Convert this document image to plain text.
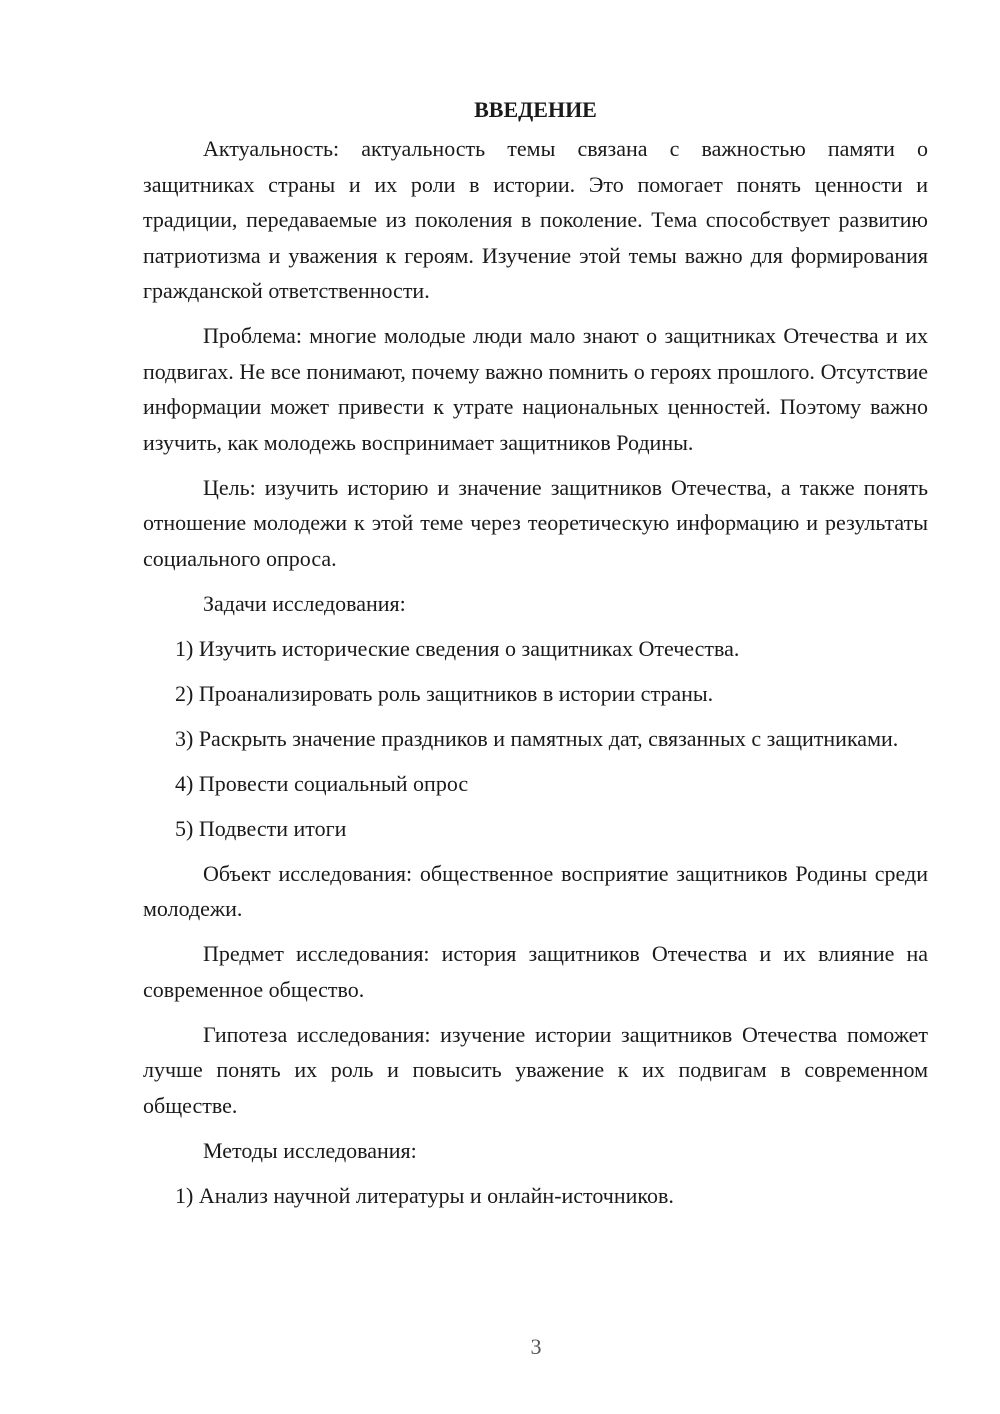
ВВЕДЕНИЕ

Актуальность: актуальность темы связана с важностью памяти о защитниках страны и их роли в истории. Это помогает понять ценности и традиции, передаваемые из поколения в поколение. Тема способствует развитию патриотизма и уважения к героям. Изучение этой темы важно для формирования гражданской ответственности.

Проблема: многие молодые люди мало знают о защитниках Отечества и их подвигах. Не все понимают, почему важно помнить о героях прошлого. Отсутствие информации может привести к утрате национальных ценностей. Поэтому важно изучить, как молодежь воспринимает защитников Родины.

Цель: изучить историю и значение защитников Отечества, а также понять отношение молодежи к этой теме через теоретическую информацию и результаты социального опроса.

Задачи исследования:

1) Изучить исторические сведения о защитниках Отечества.

2) Проанализировать роль защитников в истории страны.

3) Раскрыть значение праздников и памятных дат, связанных с защитниками.

4) Провести социальный опрос

5) Подвести итоги

Объект исследования: общественное восприятие защитников Родины среди молодежи.

Предмет исследования: история защитников Отечества и их влияние на современное общество.

Гипотеза исследования: изучение истории защитников Отечества поможет лучше понять их роль и повысить уважение к их подвигам в современном обществе.

Методы исследования:

1) Анализ научной литературы и онлайн-источников.

3
